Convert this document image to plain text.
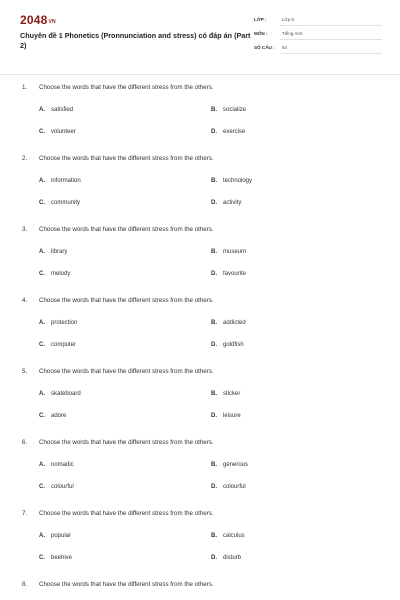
2048VN
Chuyên đề 1 Phonetics (Pronnunciation and stress) có đáp án (Part 2)
LỚP :	Lớp 8
MÔN :	Tiếng Anh
SỐ CÂU : 84
1. Choose the words that have the different stress from the others.
A. satisfied	B. socialize
C. volunteer	D. exercise
2. Choose the words that have the different stress from the others.
A. information	B. technology
C. community	D. activity
3. Choose the words that have the different stress from the others.
A. library	B. museum
C. melody	D. favourite
4. Choose the words that have the different stress from the others.
A. protection	B. addicted
C. computer	D. goldfish
5. Choose the words that have the different stress from the others.
A. skateboard	B. sticker
C. adore	D. leisure
6. Choose the words that have the different stress from the others.
A. nomadic	B. generous
C. colourful	D. colourful
7. Choose the words that have the different stress from the others.
A. popular	B. calculus
C. beehive	D. disturb
8. Choose the words that have the different stress from the others.
